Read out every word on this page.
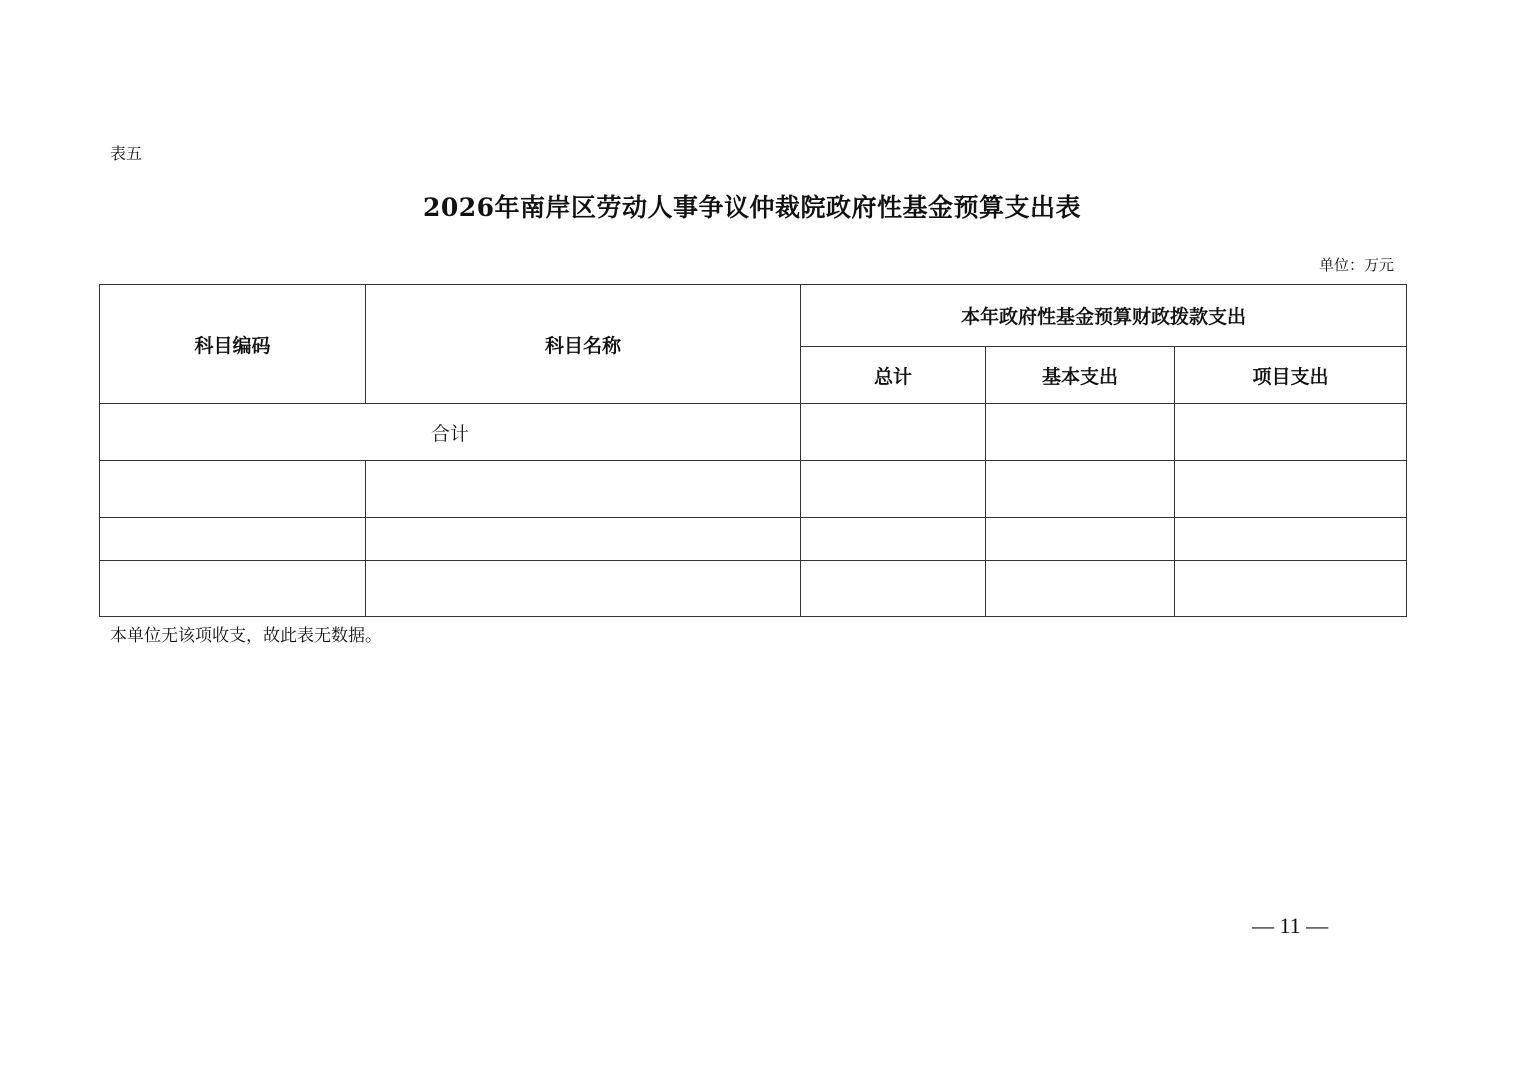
表五
2026年南岸区劳动人事争议仲裁院政府性基金预算支出表
单位：万元
科目编码	科目名称	本年政府性基金预算财政拨款支出		
		总计	基本支出	项目支出
合计				

本单位无该项收支，故此表无数据。
— 11 —
